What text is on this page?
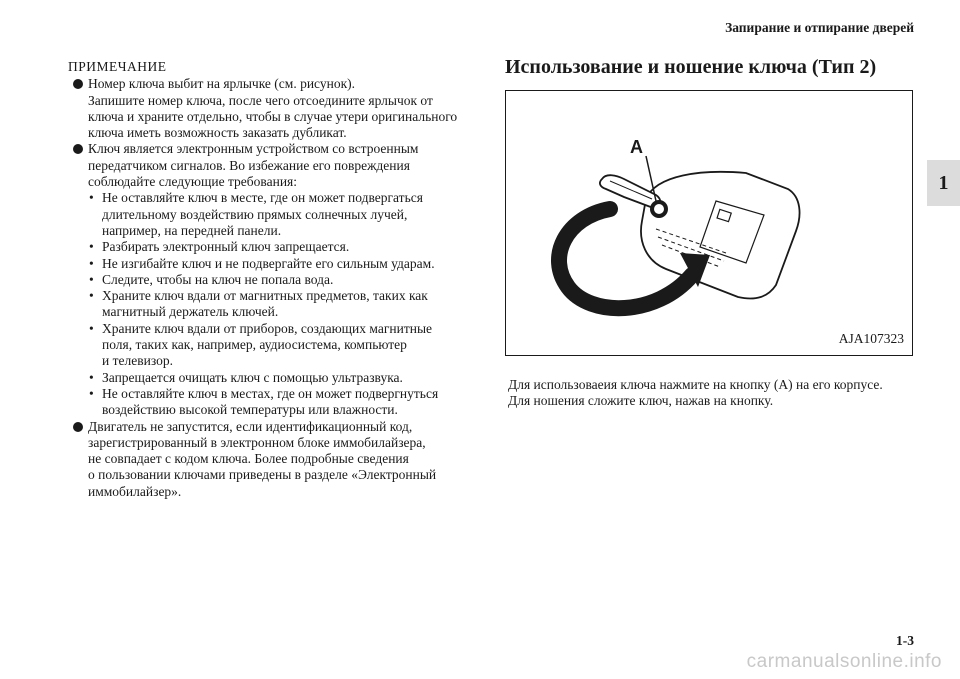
Запирание и отпирание дверей
1
ПРИМЕЧАНИЕ
Номер ключа выбит на ярлычке (см. рисунок).
Запишите номер ключа, после чего отсоедините ярлычок от
ключа и храните отдельно, чтобы в случае утери оригинального
ключа иметь возможность заказать дубликат.
Ключ является электронным устройством со встроенным
передатчиком сигналов. Во избежание его повреждения
соблюдайте следующие требования:
• Не оставляйте ключ в месте, где он может подвергаться
длительному воздействию прямых солнечных лучей,
например, на передней панели.
• Разбирать электронный ключ запрещается.
• Не изгибайте ключ и не подвергайте его сильным ударам.
• Следите, чтобы на ключ не попала вода.
• Храните ключ вдали от магнитных предметов, таких как
магнитный держатель ключей.
• Храните ключ вдали от приборов, создающих магнитные
поля, таких как, например, аудиосистема, компьютер
и телевизор.
• Запрещается очищать ключ с помощью ультразвука.
• Не оставляйте ключ в местах, где он может подвергнуться
воздействию высокой температуры или влажности.
Двигатель не запустится, если идентификационный код,
зарегистрированный в электронном блоке иммобилайзера,
не совпадает с кодом ключа. Более подробные сведения
о пользовании ключами приведены в разделе «Электронный
иммобилайзер».
Использование и ношение ключа (Тип 2)
A
AJA107323
Для использоваеия ключа нажмите на кнопку (A) на его корпусе.
Для ношения сложите ключ, нажав на кнопку.
1-3
carmanualsonline.info
